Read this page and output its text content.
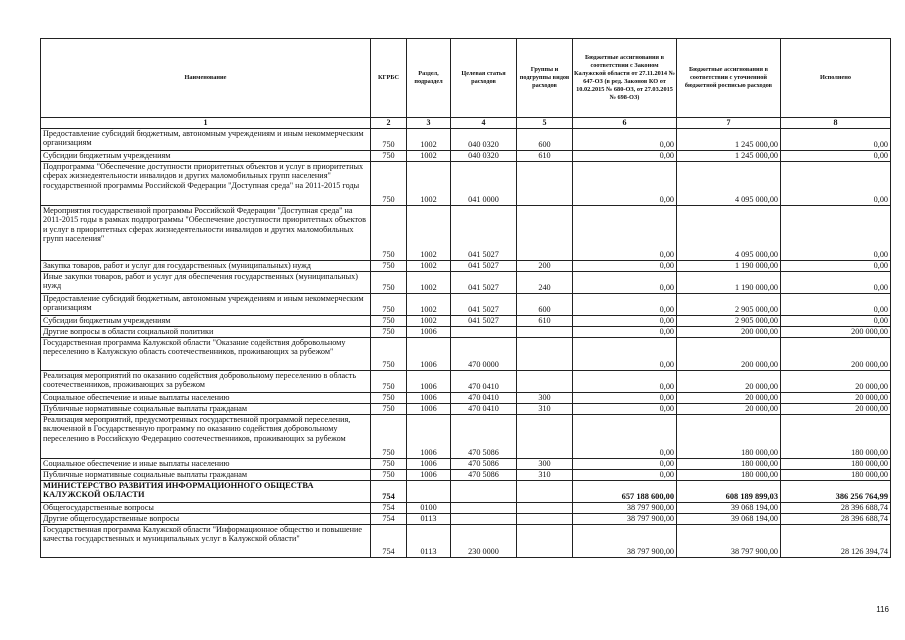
Наименование	КГРБС	Раздел, подраздел	Целевая статья расходов	Группы и подгруппы видов расходов	Бюджетные ассигнования в соответствии с Законом Калужской области от 27.11.2014 № 647-ОЗ (в ред. Законов КО от 10.02.2015 № 680-ОЗ, от 27.03.2015 № 698-ОЗ)	Бюджетные ассигнования в соответствии с уточненной бюджетной росписью расходов	Исполнено
1	2	3	4	5	6	7	8
Предоставление субсидий бюджетным, автономным учреждениям и иным некоммерческим организациям	750	1002	040 0320	600	0,00	1 245 000,00	0,00
Субсидии бюджетным учреждениям	750	1002	040 0320	610	0,00	1 245 000,00	0,00
Подпрограмма "Обеспечение доступности приоритетных объектов и услуг в приоритетных сферах жизнедеятельности инвалидов и других маломобильных групп населения" государственной программы Российской Федерации "Доступная среда" на 2011-2015 годы	750	1002	041 0000		0,00	4 095 000,00	0,00
Мероприятия государственной программы Российской Федерации "Доступная среда" на 2011-2015 годы в рамках подпрограммы "Обеспечение доступности приоритетных объектов и услуг в приоритетных сферах жизнедеятельности инвалидов и других маломобильных групп населения"	750	1002	041 5027		0,00	4 095 000,00	0,00
Закупка товаров, работ и услуг для государственных (муниципальных) нужд	750	1002	041 5027	200	0,00	1 190 000,00	0,00
Иные закупки товаров, работ и услуг для обеспечения государственных (муниципальных) нужд	750	1002	041 5027	240	0,00	1 190 000,00	0,00
Предоставление субсидий бюджетным, автономным учреждениям и иным некоммерческим организациям	750	1002	041 5027	600	0,00	2 905 000,00	0,00
Субсидии бюджетным учреждениям	750	1002	041 5027	610	0,00	2 905 000,00	0,00
Другие вопросы в области социальной политики	750	1006			0,00	200 000,00	200 000,00
Государственная программа Калужской области "Оказание содействия добровольному переселению в Калужскую область соотечественников, проживающих за рубежом"	750	1006	470 0000		0,00	200 000,00	200 000,00
Реализация мероприятий по оказанию содействия добровольному переселению в область соотечественников, проживающих за рубежом	750	1006	470 0410		0,00	20 000,00	20 000,00
Социальное обеспечение и иные выплаты населению	750	1006	470 0410	300	0,00	20 000,00	20 000,00
Публичные нормативные социальные выплаты гражданам	750	1006	470 0410	310	0,00	20 000,00	20 000,00
Реализация мероприятий, предусмотренных государственной программой переселения, включенной в Государственную программу по оказанию содействия добровольному переселению в Российскую Федерацию соотечественников, проживающих за рубежом	750	1006	470 5086		0,00	180 000,00	180 000,00
Социальное обеспечение и иные выплаты населению	750	1006	470 5086	300	0,00	180 000,00	180 000,00
Публичные нормативные социальные выплаты гражданам	750	1006	470 5086	310	0,00	180 000,00	180 000,00
МИНИСТЕРСТВО РАЗВИТИЯ ИНФОРМАЦИОННОГО ОБЩЕСТВА КАЛУЖСКОЙ ОБЛАСТИ	754				657 188 600,00	608 189 899,03	386 256 764,99
Общегосударственные вопросы	754	0100			38 797 900,00	39 068 194,00	28 396 688,74
Другие общегосударственные вопросы	754	0113			38 797 900,00	39 068 194,00	28 396 688,74
Государственная программа Калужской области "Информационное общество и повышение качества государственных и муниципальных услуг в Калужской области"	754	0113	230 0000		38 797 900,00	38 797 900,00	28 126 394,74
116
